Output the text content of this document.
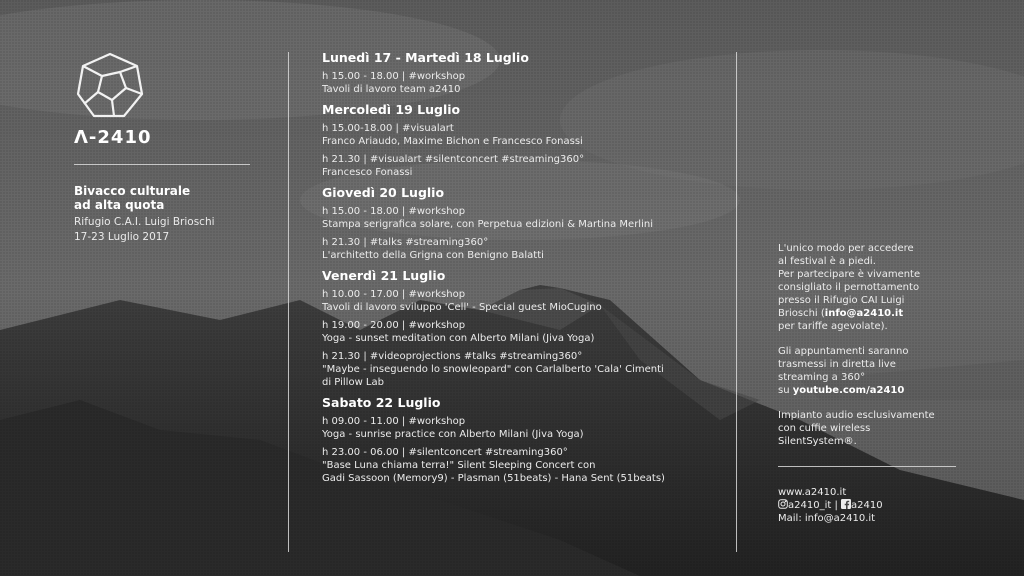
Λ-2410
Bivacco culturale
ad alta quota
Rifugio C.A.I. Luigi Brioschi
17-23 Luglio 2017
Lunedì 17 - Martedì 18 Luglio
h 15.00 - 18.00 | #workshop
Tavoli di lavoro team a2410
Mercoledì 19 Luglio
h 15.00-18.00 | #visualart
Franco Ariaudo, Maxime Bichon e Francesco Fonassi
h 21.30 | #visualart #silentconcert #streaming360°
Francesco Fonassi
Giovedì 20 Luglio
h 15.00 - 18.00 | #workshop
Stampa serigrafica solare, con Perpetua edizioni & Martina Merlini
h 21.30 | #talks #streaming360°
L'architetto della Grigna con Benigno Balatti
Venerdì 21 Luglio
h 10.00 - 17.00 | #workshop
Tavoli di lavoro sviluppo 'Cell' - Special guest MioCugino
h 19.00 - 20.00 | #workshop
Yoga - sunset meditation con Alberto Milani (Jiva Yoga)
h 21.30 | #videoprojections #talks #streaming360°
"Maybe - inseguendo lo snowleopard" con Carlalberto 'Cala' Cimenti
di Pillow Lab
Sabato 22 Luglio
h 09.00 - 11.00 | #workshop
Yoga - sunrise practice con Alberto Milani (Jiva Yoga)
h 23.00 - 06.00 | #silentconcert #streaming360°
"Base Luna chiama terra!" Silent Sleeping Concert con
Gadi Sassoon (Memory9) - Plasman (51beats) - Hana Sent (51beats)

L'unico modo per accedere
al festival è a piedi.
Per partecipare è vivamente
consigliato il pernottamento
presso il Rifugio CAI Luigi
Brioschi (info@a2410.it
per tariffe agevolate).

Gli appuntamenti saranno
trasmessi in diretta live
streaming a 360°
su youtube.com/a2410

Impianto audio esclusivamente
con cuffie wireless
SilentSystem®.

www.a2410.it
a2410_it | a2410
Mail: info@a2410.it
